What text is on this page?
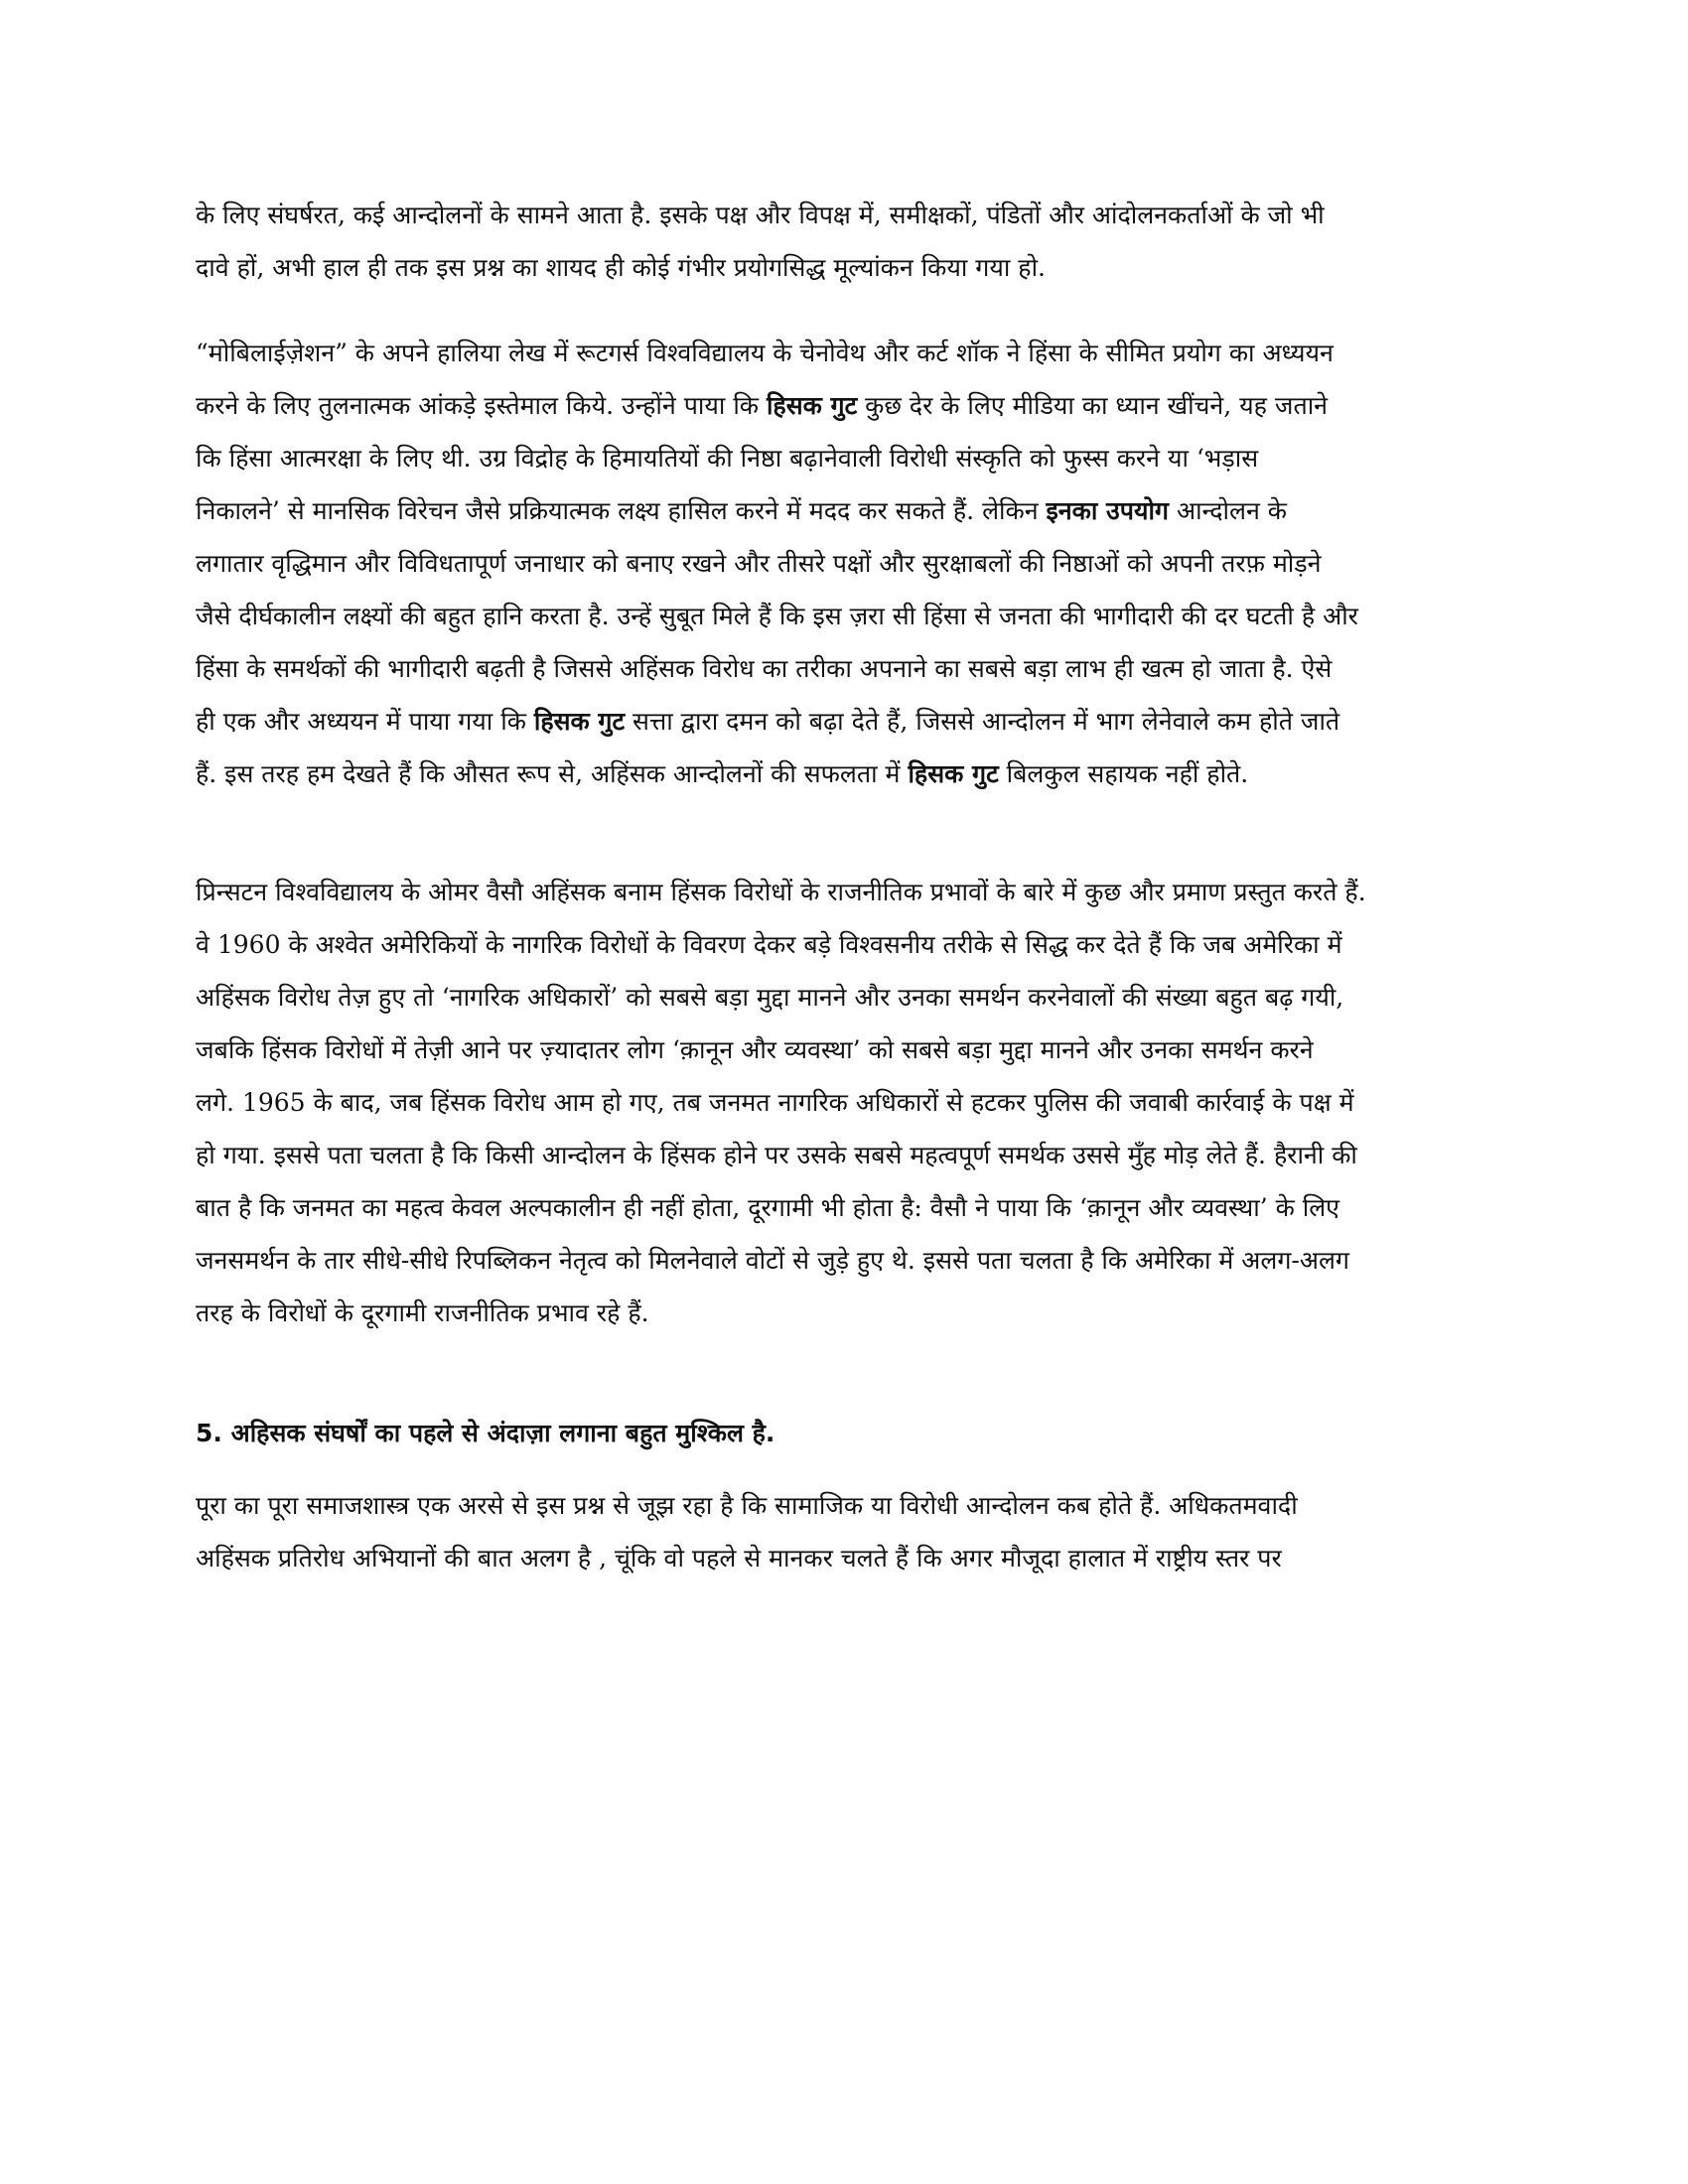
के लिए संघर्षरत, कई आन्दोलनों के सामने आता है. इसके पक्ष और विपक्ष में, समीक्षकों, पंडितों और आंदोलनकर्ताओं के जो भी
दावे हों, अभी हाल ही तक इस प्रश्न का शायद ही कोई गंभीर प्रयोगसिद्ध मूल्यांकन किया गया हो.

“मोबिलाईज़ेशन” के अपने हालिया लेख में रूटगर्स विश्वविद्यालय के चेनोवेथ और कर्ट शॉक ने हिंसा के सीमित प्रयोग का अध्ययन
करने के लिए तुलनात्मक आंकड़े इस्तेमाल किये. उन्होंने पाया कि हिसक गुट कुछ देर के लिए मीडिया का ध्यान खींचने, यह जताने
कि हिंसा आत्मरक्षा के लिए थी. उग्र विद्रोह के हिमायतियों की निष्ठा बढ़ानेवाली विरोधी संस्कृति को फुस्स करने या ‘भड़ास
निकालने’ से मानसिक विरेचन जैसे प्रक्रियात्मक लक्ष्य हासिल करने में मदद कर सकते हैं. लेकिन इनका उपयोग आन्दोलन के
लगातार वृद्धिमान और विविधतापूर्ण जनाधार को बनाए रखने और तीसरे पक्षों और सुरक्षाबलों की निष्ठाओं को अपनी तरफ़ मोड़ने
जैसे दीर्घकालीन लक्ष्यों की बहुत हानि करता है. उन्हें सुबूत मिले हैं कि इस ज़रा सी हिंसा से जनता की भागीदारी की दर घटती है और
हिंसा के समर्थकों की भागीदारी बढ़ती है जिससे अहिंसक विरोध का तरीका अपनाने का सबसे बड़ा लाभ ही खत्म हो जाता है. ऐसे
ही एक और अध्ययन में पाया गया कि हिसक गुट सत्ता द्वारा दमन को बढ़ा देते हैं, जिससे आन्दोलन में भाग लेनेवाले कम होते जाते
हैं. इस तरह हम देखते हैं कि औसत रूप से, अहिंसक आन्दोलनों की सफलता में हिसक गुट बिलकुल सहायक नहीं होते.

प्रिन्सटन विश्वविद्यालय के ओमर वैसौ अहिंसक बनाम हिंसक विरोधों के राजनीतिक प्रभावों के बारे में कुछ और प्रमाण प्रस्तुत करते हैं.
वे 1960 के अश्वेत अमेरिकियों के नागरिक विरोधों के विवरण देकर बड़े विश्वसनीय तरीके से सिद्ध कर देते हैं कि जब अमेरिका में
अहिंसक विरोध तेज़ हुए तो ‘नागरिक अधिकारों’ को सबसे बड़ा मुद्दा मानने और उनका समर्थन करनेवालों की संख्या बहुत बढ़ गयी,
जबकि हिंसक विरोधों में तेज़ी आने पर ज़्यादातर लोग ‘क़ानून और व्यवस्था’ को सबसे बड़ा मुद्दा मानने और उनका समर्थन करने
लगे. 1965 के बाद, जब हिंसक विरोध आम हो गए, तब जनमत नागरिक अधिकारों से हटकर पुलिस की जवाबी कार्रवाई के पक्ष में
हो गया. इससे पता चलता है कि किसी आन्दोलन के हिंसक होने पर उसके सबसे महत्वपूर्ण समर्थक उससे मुँह मोड़ लेते हैं. हैरानी की
बात है कि जनमत का महत्व केवल अल्पकालीन ही नहीं होता, दूरगामी भी होता है: वैसौ ने पाया कि ‘क़ानून और व्यवस्था’ के लिए
जनसमर्थन के तार सीधे-सीधे रिपब्लिकन नेतृत्व को मिलनेवाले वोटों से जुड़े हुए थे. इससे पता चलता है कि अमेरिका में अलग-अलग
तरह के विरोधों के दूरगामी राजनीतिक प्रभाव रहे हैं.

5. अहिसक संघर्षों का पहले से अंदाज़ा लगाना बहुत मुश्किल है.

पूरा का पूरा समाजशास्त्र एक अरसे से इस प्रश्न से जूझ रहा है कि सामाजिक या विरोधी आन्दोलन कब होते हैं. अधिकतमवादी
अहिंसक प्रतिरोध अभियानों की बात अलग है , चूंकि वो पहले से मानकर चलते हैं कि अगर मौजूदा हालात में राष्ट्रीय स्तर पर
